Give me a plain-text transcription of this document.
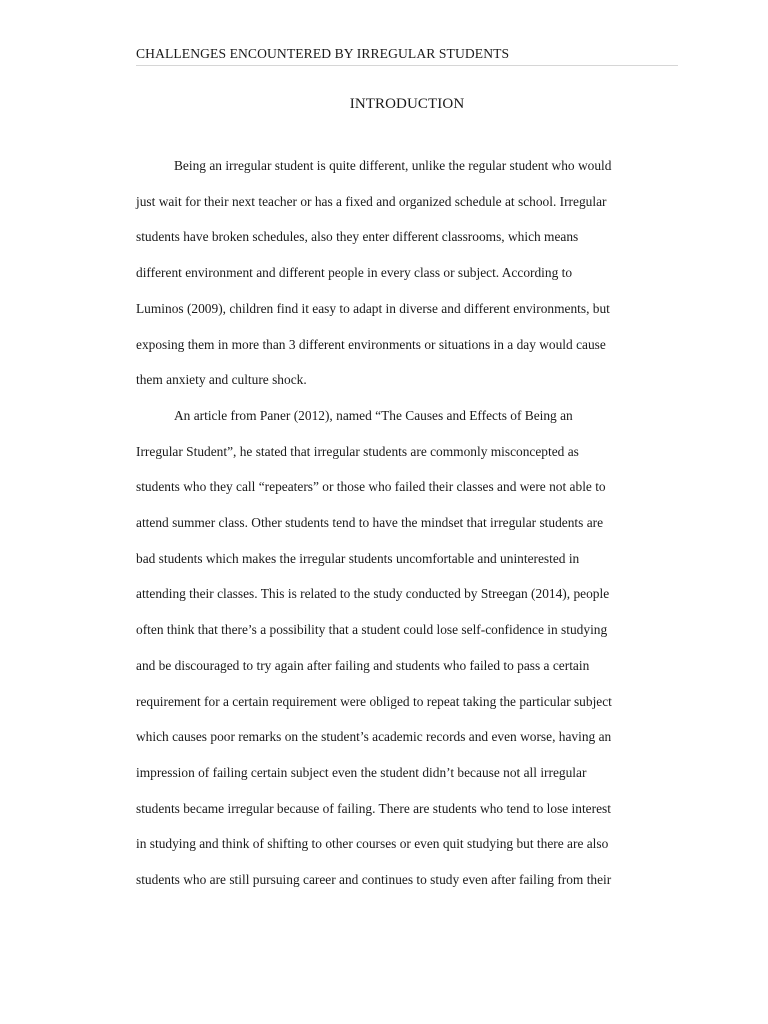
CHALLENGES ENCOUNTERED BY IRREGULAR STUDENTS
INTRODUCTION

Being an irregular student is quite different, unlike the regular student who would
just wait for their next teacher or has a fixed and organized schedule at school. Irregular
students have broken schedules, also they enter different classrooms, which means
different environment and different people in every class or subject. According to
Luminos (2009), children find it easy to adapt in diverse and different environments, but
exposing them in more than 3 different environments or situations in a day would cause
them anxiety and culture shock.

An article from Paner (2012), named “The Causes and Effects of Being an
Irregular Student”, he stated that irregular students are commonly misconcepted as
students who they call “repeaters” or those who failed their classes and were not able to
attend summer class. Other students tend to have the mindset that irregular students are
bad students which makes the irregular students uncomfortable and uninterested in
attending their classes. This is related to the study conducted by Streegan (2014), people
often think that there’s a possibility that a student could lose self-confidence in studying
and be discouraged to try again after failing and students who failed to pass a certain
requirement for a certain requirement were obliged to repeat taking the particular subject
which causes poor remarks on the student’s academic records and even worse, having an
impression of failing certain subject even the student didn’t because not all irregular
students became irregular because of failing. There are students who tend to lose interest
in studying and think of shifting to other courses or even quit studying but there are also
students who are still pursuing career and continues to study even after failing from their
